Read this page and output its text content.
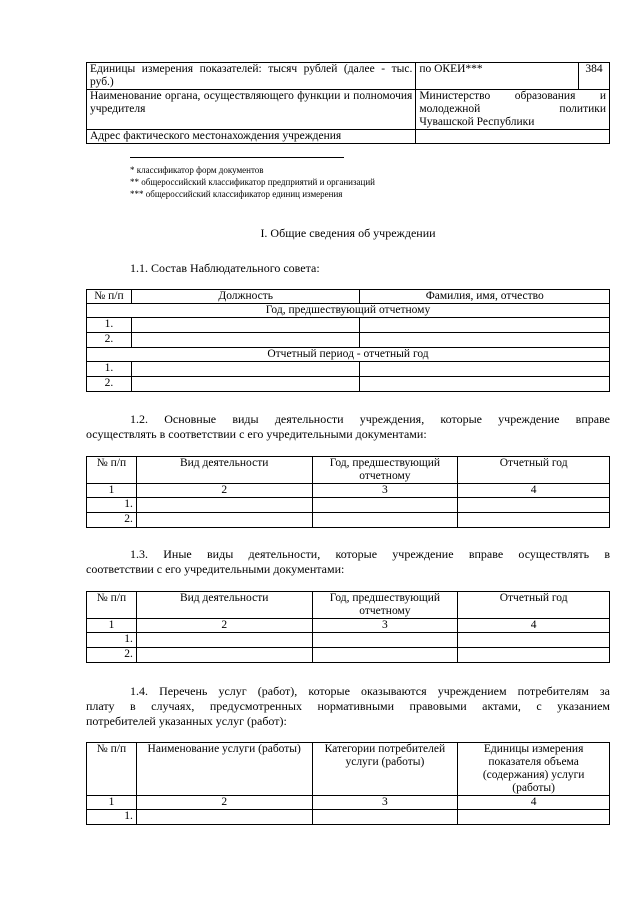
Единицы измерения показателей: тысяч рублей (далее - тыс. руб.)	по ОКЕИ***	384
Наименование органа, осуществляющего функции и полномочия учредителя	Министерство образования и
молодежной политики
Чувашской Республики	

Адрес фактического местонахождения учреждения		
* классификатор форм документов
** общероссийский классификатор предприятий и организаций
*** общероссийский классификатор единиц измерения
I. Общие сведения об учреждении
1.1. Состав Наблюдательного совета:
№ п/п	Должность	Фамилия, имя, отчество
Год, предшествующий отчетному		
1.		
2.		
Отчетный период - отчетный год		
1.		
2.		
1.2. Основные виды деятельности учреждения, которые учреждение вправе
осуществлять в соответствии с его учредительными документами:
№ п/п	Вид деятельности	Год, предшествующий отчетному	Отчетный год
1	2	3	4
1.			
2.			
1.3. Иные виды деятельности, которые учреждение вправе осуществлять в
соответствии с его учредительными документами:
№ п/п	Вид деятельности	Год, предшествующий отчетному	Отчетный год
1	2	3	4
1.			
2.			
1.4. Перечень услуг (работ), которые оказываются учреждением потребителям за
плату в случаях, предусмотренных нормативными правовыми актами, с указанием
потребителей указанных услуг (работ):
№ п/п	Наименование услуги (работы)	Категории потребителей услуги (работы)	Единицы измерения показателя объема (содержания) услуги (работы)
1	2	3	4
1.			
